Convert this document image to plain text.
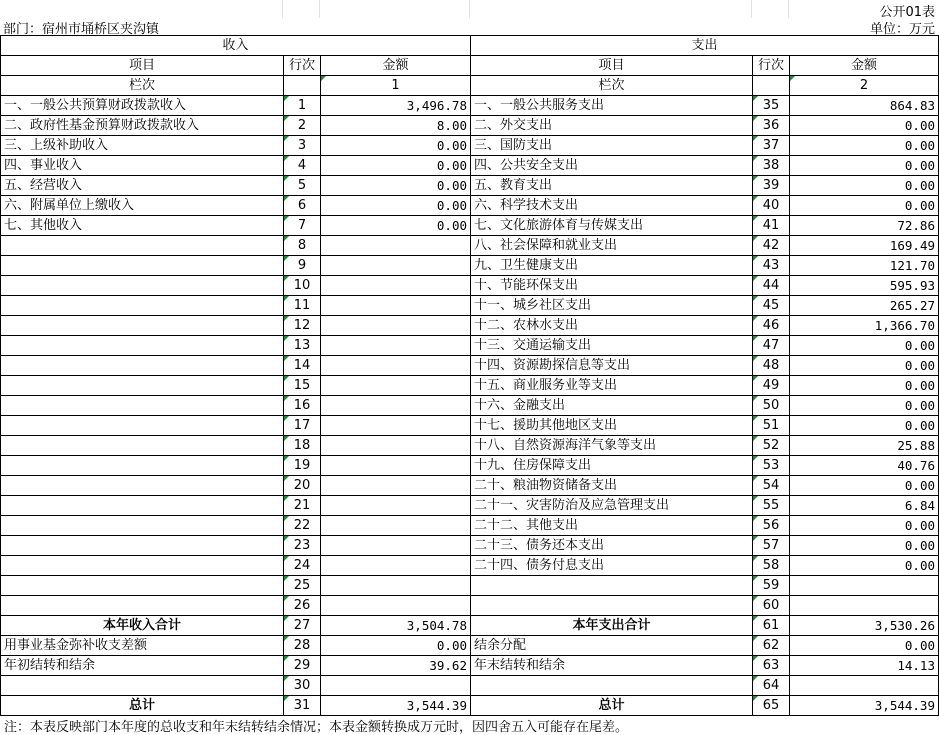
公开01表
部门：宿州市埇桥区夹沟镇	单位：万元
收入			支出		
项目	行次	金额	项目	行次	金额
栏次		1	栏次		2
一、一般公共预算财政拨款收入	1	3,496.78	一、一般公共服务支出	35	864.83
二、政府性基金预算财政拨款收入	2	8.00	二、外交支出	36	0.00
三、上级补助收入	3	0.00	三、国防支出	37	0.00
四、事业收入	4	0.00	四、公共安全支出	38	0.00
五、经营收入	5	0.00	五、教育支出	39	0.00
六、附属单位上缴收入	6	0.00	六、科学技术支出	40	0.00
七、其他收入	7	0.00	七、文化旅游体育与传媒支出	41	72.86
	8		八、社会保障和就业支出	42	169.49
	9		九、卫生健康支出	43	121.70
	10		十、节能环保支出	44	595.93
	11		十一、城乡社区支出	45	265.27
	12		十二、农林水支出	46	1,366.70
	13		十三、交通运输支出	47	0.00
	14		十四、资源勘探信息等支出	48	0.00
	15		十五、商业服务业等支出	49	0.00
	16		十六、金融支出	50	0.00
	17		十七、援助其他地区支出	51	0.00
	18		十八、自然资源海洋气象等支出	52	25.88
	19		十九、住房保障支出	53	40.76
	20		二十、粮油物资储备支出	54	0.00
	21		二十一、灾害防治及应急管理支出	55	6.84
	22		二十二、其他支出	56	0.00
	23		二十三、债务还本支出	57	0.00
	24		二十四、债务付息支出	58	0.00
	25			59	
	26			60	
本年收入合计	27	3,504.78	本年支出合计	61	3,530.26
用事业基金弥补收支差额	28	0.00	结余分配	62	0.00
年初结转和结余	29	39.62	年末结转和结余	63	14.13
	30			64	
总计	31	3,544.39	总计	65	3,544.39
注：本表反映部门本年度的总收支和年末结转结余情况；本表金额转换成万元时，因四舍五入可能存在尾差。
